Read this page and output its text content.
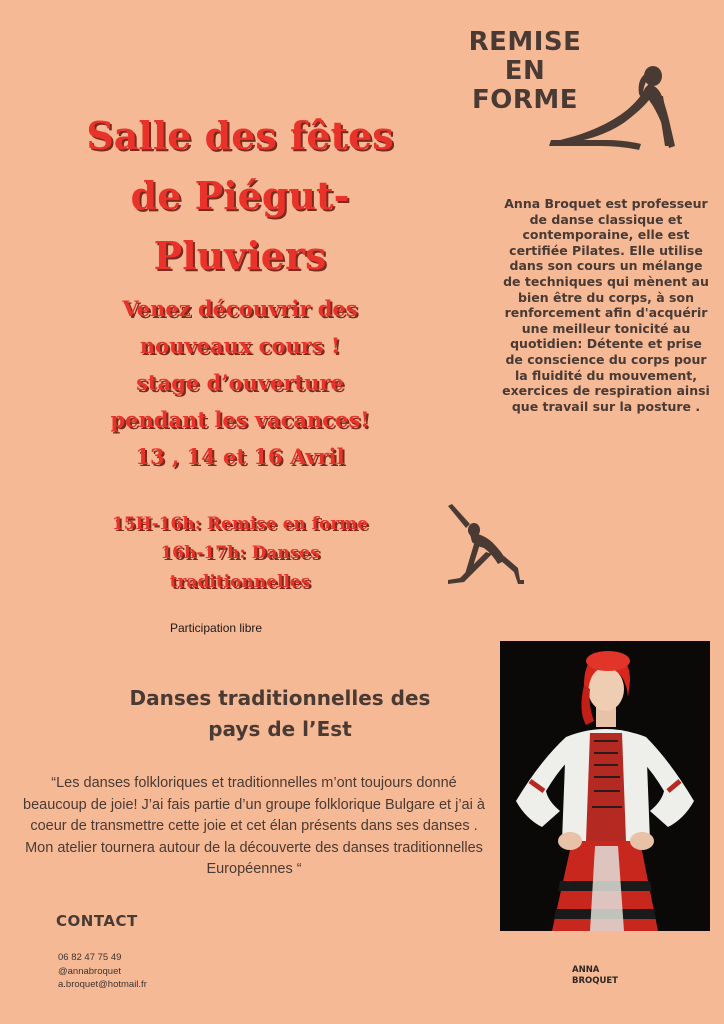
REMISE
EN
FORME
Salle des fêtes
de Piégut-
Pluviers
Venez découvrir des
nouveaux cours !
stage d’ouverture
pendant les vacances!
13 , 14 et 16 Avril
Anna Broquet est professeur de danse classique et contemporaine, elle est certifiée Pilates. Elle utilise dans son cours un mélange de techniques qui mènent au bien être du corps, à son renforcement afin d'acquérir une meilleur tonicité au quotidien: Détente et prise de conscience du corps pour la fluidité du mouvement, exercices de respiration ainsi que travail sur la posture .
15H-16h: Remise en forme
16h-17h: Danses
traditionnelles
Participation libre
Danses traditionnelles des
pays de l’Est
“Les danses folkloriques et traditionnelles m’ont toujours donné beaucoup de joie! J’ai fais partie d’un groupe folklorique Bulgare et j’ai à coeur de transmettre cette joie et cet élan présents dans ses danses . Mon atelier tournera autour de la découverte des danses traditionnelles Européennes “
CONTACT
06 82 47 75 49
@annabroquet
a.broquet@hotmail.fr
ANNA
BROQUET
